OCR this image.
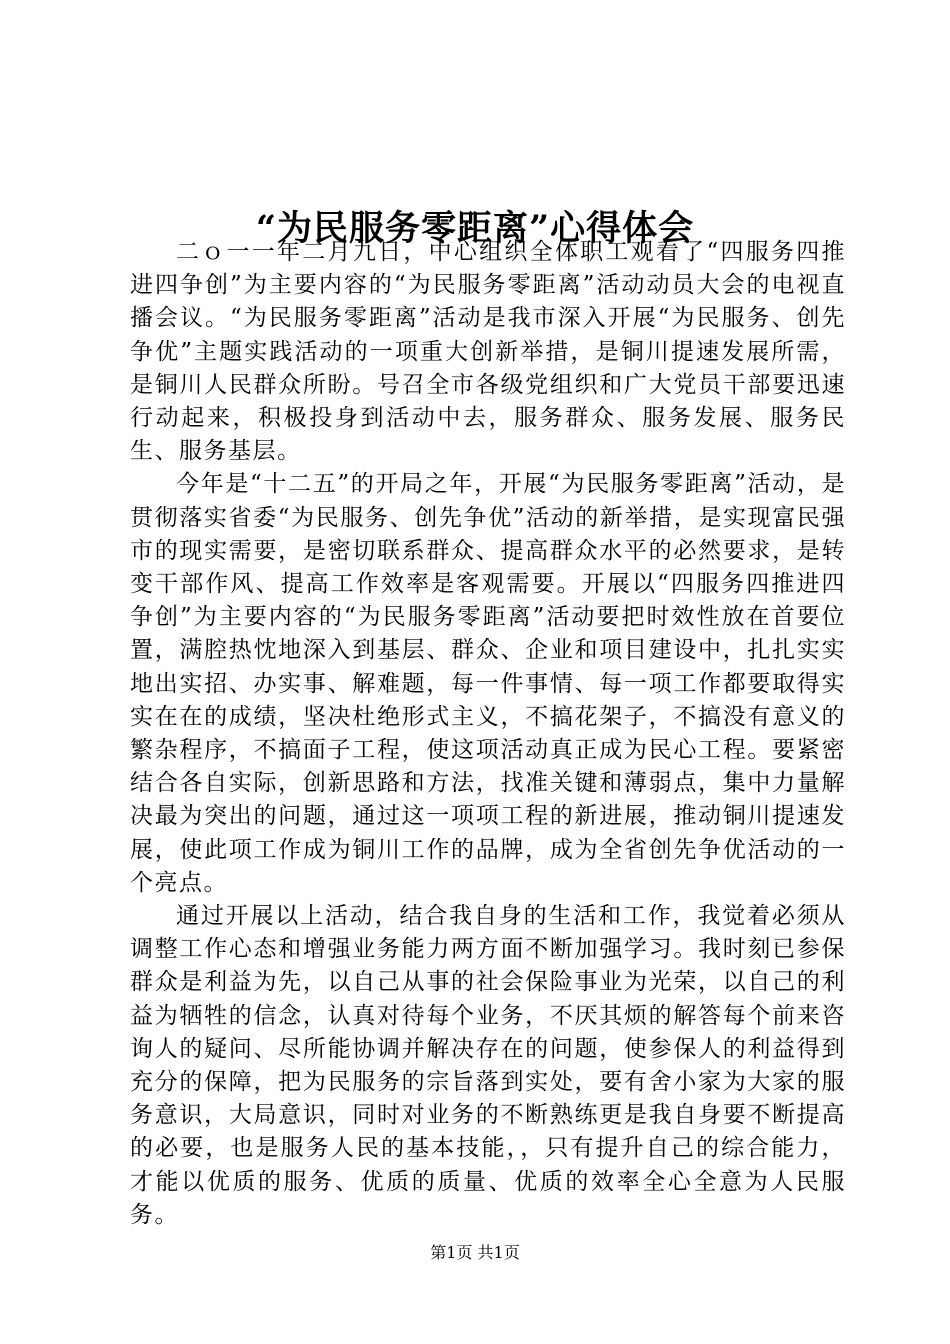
“为民服务零距离”心得体会

二ｏ一一年二月九日，中心组织全体职工观看了“四服务四推进四争创”为主要内容的“为民服务零距离”活动动员大会的电视直播会议。“为民服务零距离”活动是我市深入开展“为民服务、创先争优”主题实践活动的一项重大创新举措，是铜川提速发展所需，是铜川人民群众所盼。号召全市各级党组织和广大党员干部要迅速行动起来，积极投身到活动中去，服务群众、服务发展、服务民生、服务基层。

今年是“十二五”的开局之年，开展“为民服务零距离”活动，是贯彻落实省委“为民服务、创先争优”活动的新举措，是实现富民强市的现实需要，是密切联系群众、提高群众水平的必然要求，是转变干部作风、提高工作效率是客观需要。开展以“四服务四推进四争创”为主要内容的“为民服务零距离”活动要把时效性放在首要位置，满腔热忱地深入到基层、群众、企业和项目建设中，扎扎实实地出实招、办实事、解难题，每一件事情、每一项工作都要取得实实在在的成绩，坚决杜绝形式主义，不搞花架子，不搞没有意义的繁杂程序，不搞面子工程，使这项活动真正成为民心工程。要紧密结合各自实际，创新思路和方法，找准关键和薄弱点，集中力量解决最为突出的问题，通过这一项项工程的新进展，推动铜川提速发展，使此项工作成为铜川工作的品牌，成为全省创先争优活动的一个亮点。

通过开展以上活动，结合我自身的生活和工作，我觉着必须从调整工作心态和增强业务能力两方面不断加强学习。我时刻已参保群众是利益为先，以自己从事的社会保险事业为光荣，以自己的利益为牺牲的信念，认真对待每个业务，不厌其烦的解答每个前来咨询人的疑问、尽所能协调并解决存在的问题，使参保人的利益得到充分的保障，把为民服务的宗旨落到实处，要有舍小家为大家的服务意识，大局意识，同时对业务的不断熟练更是我自身要不断提高的必要，也是服务人民的基本技能，，只有提升自己的综合能力，才能以优质的服务、优质的质量、优质的效率全心全意为人民服务。

第1页 共1页
